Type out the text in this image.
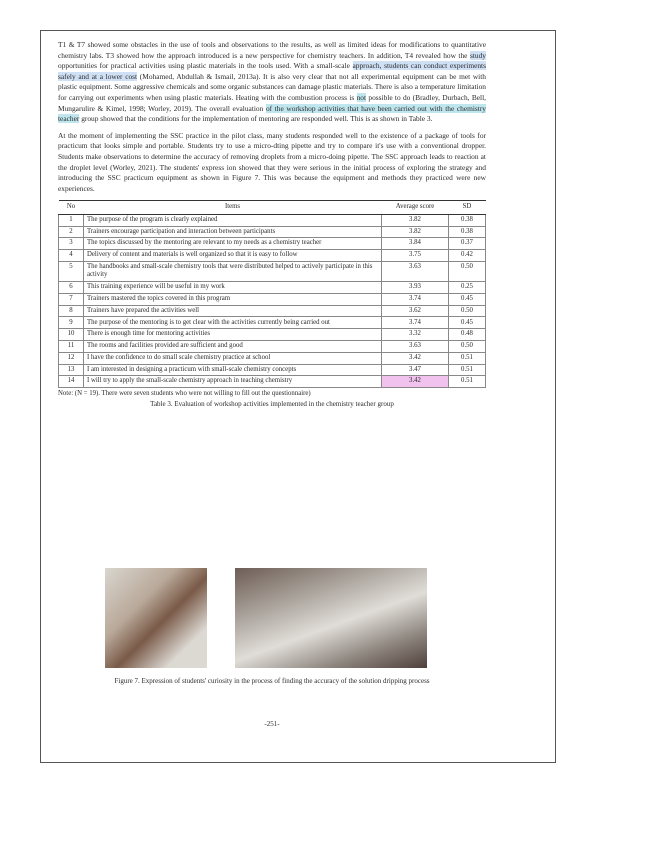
T1 & T7 showed some obstacles in the use of tools and observations to the results, as well as limited ideas for modifications to quantitative chemistry labs. T3 showed how the approach introduced is a new perspective for chemistry teachers. In addition, T4 revealed how the study opportunities for practical activities using plastic materials in the tools used. With a small-scale approach, students can conduct experiments safely and at a lower cost (Mohamed, Abdullah & Ismail, 2013a). It is also very clear that not all experimental equipment can be met with plastic equipment. Some aggressive chemicals and some organic substances can damage plastic materials. There is also a temperature limitation for carrying out experiments when using plastic materials. Heating with the combustion process is not possible to do (Bradley, Durbach, Bell, Mungarulire & Kimel, 1998; Worley, 2019). The overall evaluation of the workshop activities that have been carried out with the chemistry teacher group showed that the conditions for the implementation of mentoring are responded well. This is as shown in Table 3.

At the moment of implementing the SSC practice in the pilot class, many students responded well to the existence of a package of tools for practicum that looks simple and portable. Students try to use a micro-dting pipette and try to compare it's use with a conventional dropper. Students make observations to determine the accuracy of removing droplets from a micro-doing pipette. The SSC approach leads to reaction at the droplet level (Worley, 2021). The students' express ion showed that they were serious in the initial process of exploring the strategy and introducing the SSC practicum equipment as shown in Figure 7. This was because the equipment and methods they practiced were new experiences.

No	Items	Average score	SD
1	The purpose of the program is clearly explained	3.82	0.38
2	Trainers encourage participation and interaction between participants	3.82	0.38
3	The topics discussed by the mentoring are relevant to my needs as a chemistry teacher	3.84	0.37
4	Delivery of content and materials is well organized so that it is easy to follow	3.75	0.42
5	The handbooks and small-scale chemistry tools that were distributed helped to actively participate in this activity	3.63	0.50
6	This training experience will be useful in my work	3.93	0.25
7	Trainers mastered the topics covered in this program	3.74	0.45
8	Trainers have prepared the activities well	3.62	0.50
9	The purpose of the mentoring is to get clear with the activities currently being carried out	3.74	0.45
10	There is enough time for mentoring activities	3.32	0.48
11	The rooms and facilities provided are sufficient and good	3.63	0.50
12	I have the confidence to do small scale chemistry practice at school	3.42	0.51
13	I am interested in designing a practicum with small-scale chemistry concepts	3.47	0.51
14	I will try to apply the small-scale chemistry approach in teaching chemistry	3.42	0.51
Note: (N = 19). There were seven students who were not willing to fill out the questionnaire)
Table 3. Evaluation of workshop activities implemented in the chemistry teacher group
Figure 7. Expression of students' curiosity in the process of finding the accuracy of the solution dripping process
-251-
